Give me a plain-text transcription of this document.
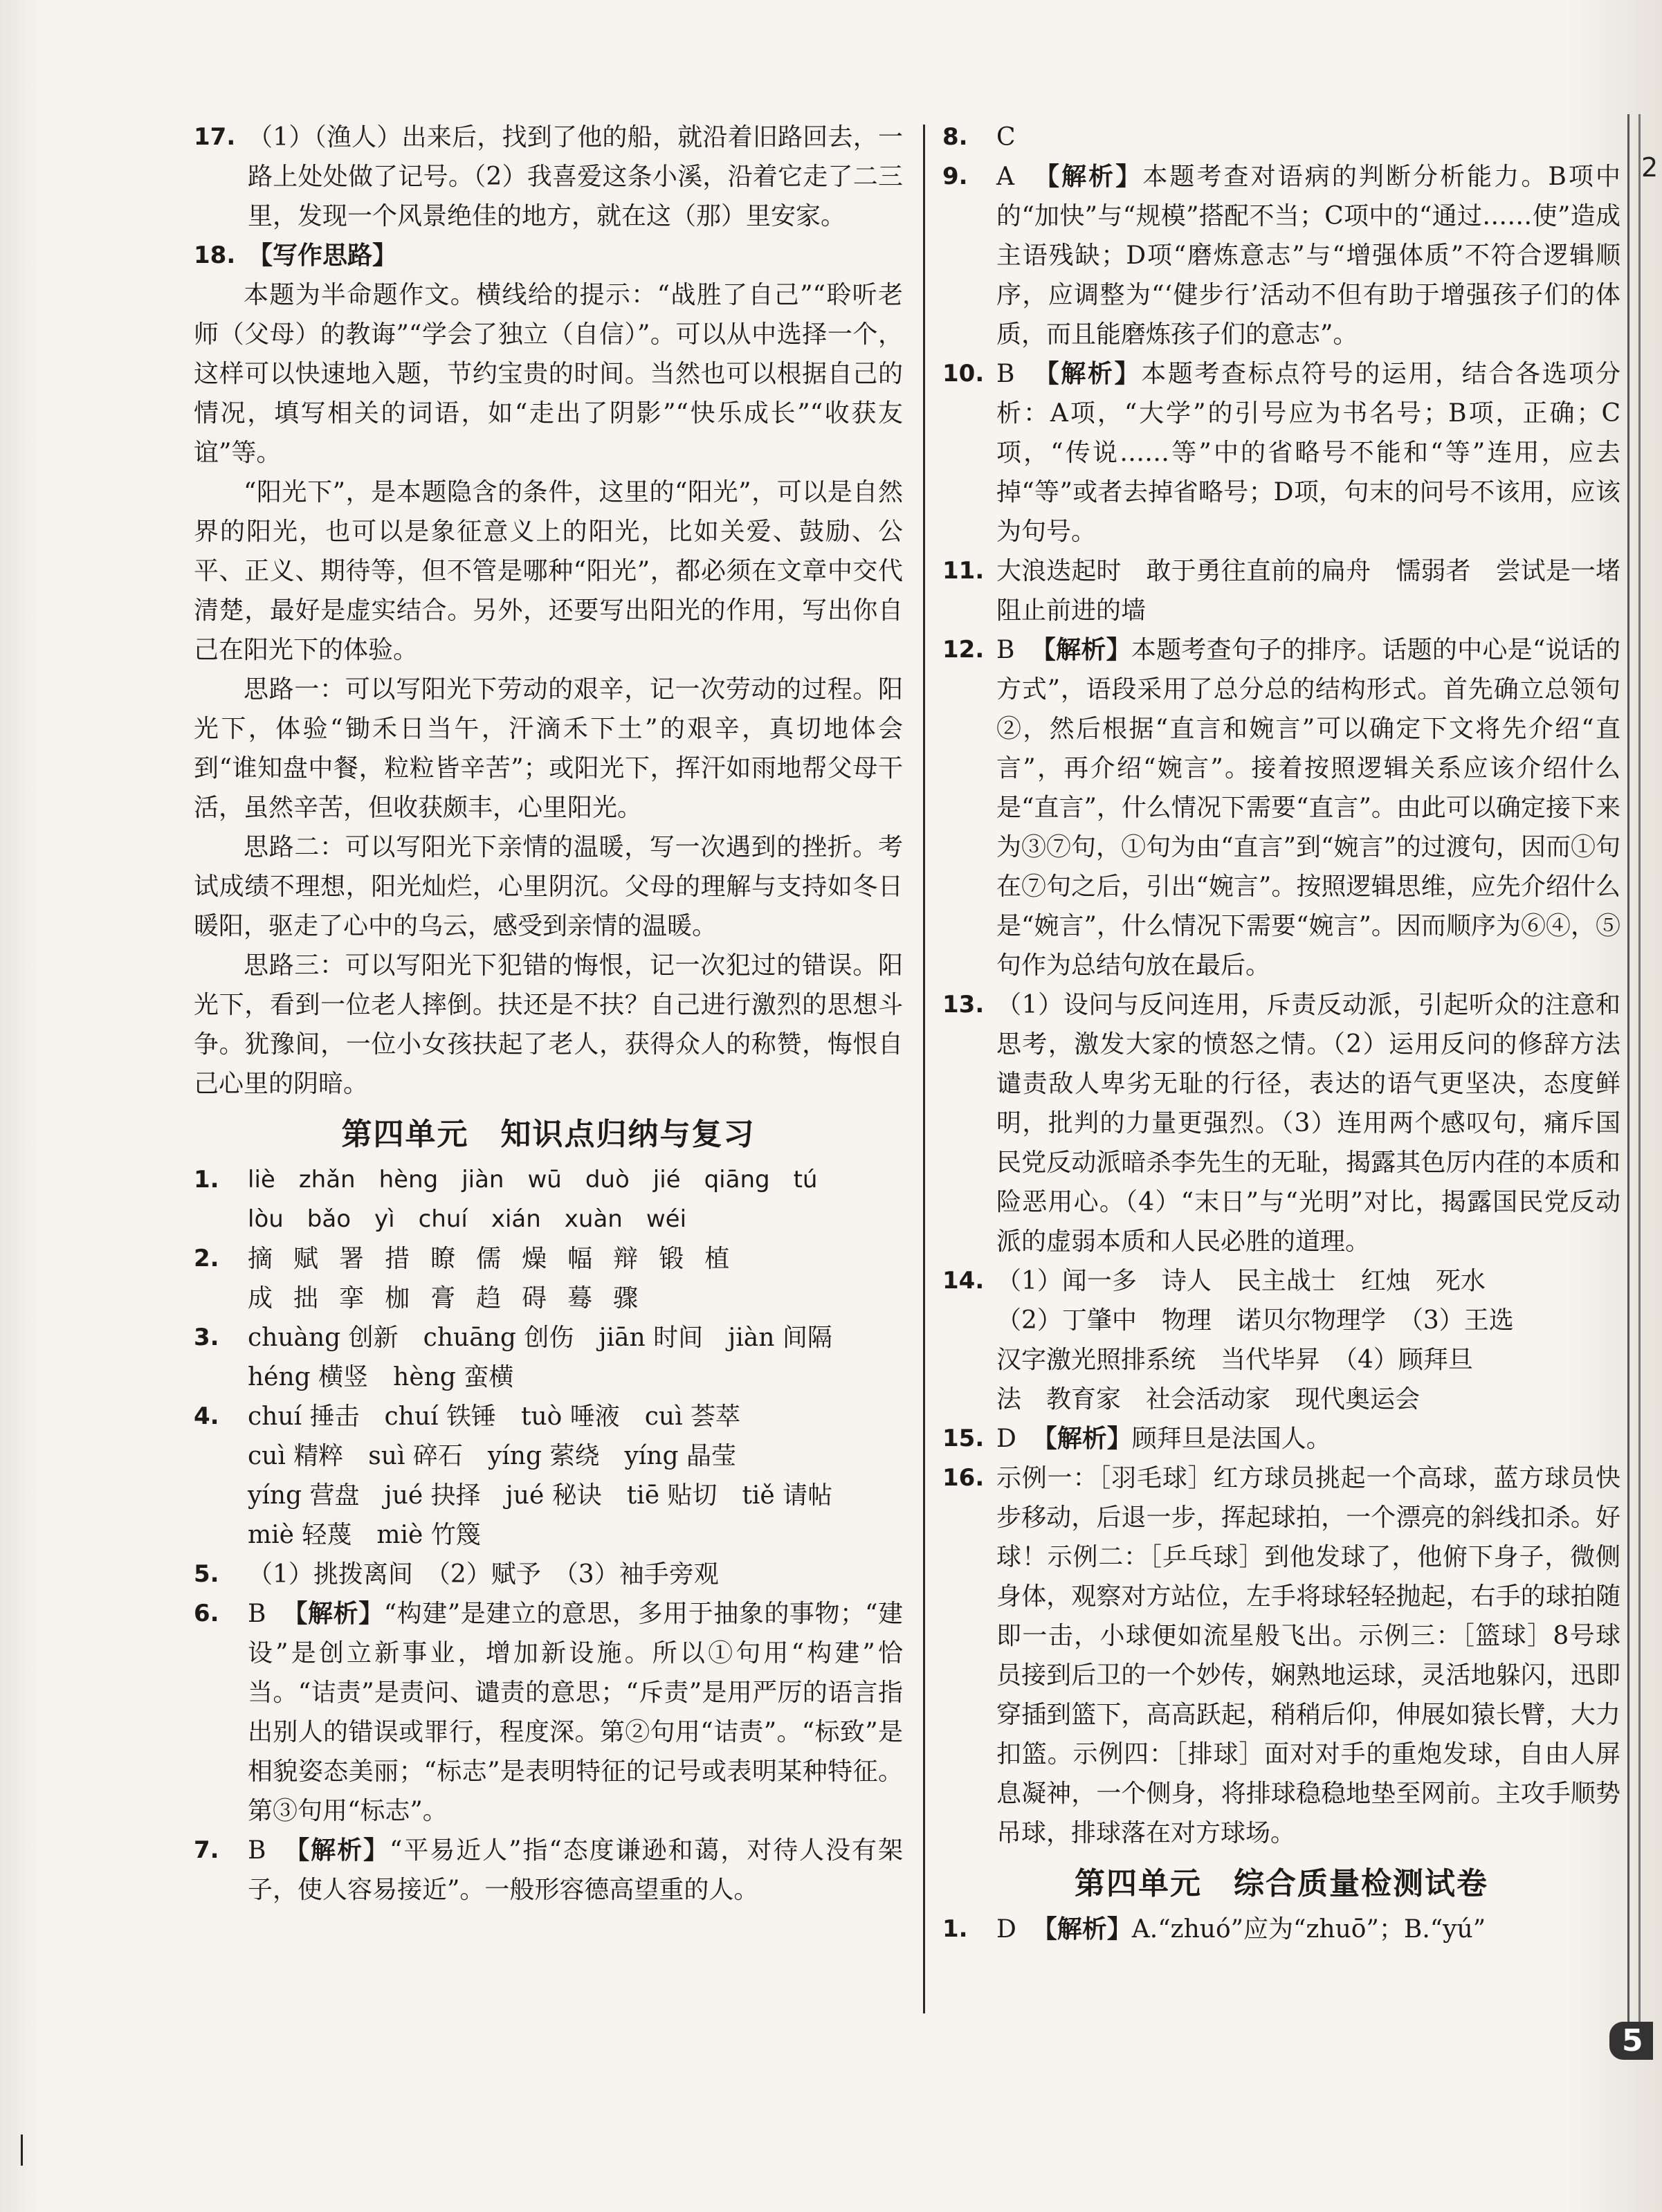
2
17. （1）（渔人）出来后，找到了他的船，就沿着旧路回去，一路上处处做了记号。（2）我喜爱这条小溪，沿着它走了二三里，发现一个风景绝佳的地方，就在这（那）里安家。
18. 【写作思路】

本题为半命题作文。横线给的提示：“战胜了自己”“聆听老师（父母）的教诲”“学会了独立（自信）”。可以从中选择一个，这样可以快速地入题，节约宝贵的时间。当然也可以根据自己的情况，填写相关的词语，如“走出了阴影”“快乐成长”“收获友谊”等。

“阳光下”，是本题隐含的条件，这里的“阳光”，可以是自然界的阳光，也可以是象征意义上的阳光，比如关爱、鼓励、公平、正义、期待等，但不管是哪种“阳光”，都必须在文章中交代清楚，最好是虚实结合。另外，还要写出阳光的作用，写出你自己在阳光下的体验。

思路一：可以写阳光下劳动的艰辛，记一次劳动的过程。阳光下，体验“锄禾日当午，汗滴禾下土”的艰辛，真切地体会到“谁知盘中餐，粒粒皆辛苦”；或阳光下，挥汗如雨地帮父母干活，虽然辛苦，但收获颇丰，心里阳光。

思路二：可以写阳光下亲情的温暖，写一次遇到的挫折。考试成绩不理想，阳光灿烂，心里阴沉。父母的理解与支持如冬日暖阳，驱走了心中的乌云，感受到亲情的温暖。

思路三：可以写阳光下犯错的悔恨，记一次犯过的错误。阳光下，看到一位老人摔倒。扶还是不扶？自己进行激烈的思想斗争。犹豫间，一位小女孩扶起了老人，获得众人的称赞，悔恨自己心里的阴暗。

第四单元　知识点归纳与复习
1. liè zhǎn hèng jiàn wū duò jié qiāng tú
lòu bǎo yì chuí xián xuàn wéi
2. 摘 赋 署 措 瞭 儒 燥 幅 辩 锻 植
成 拙 挛 枷 膏 趋 碍 蓦 骤
3. chuàng 创新　chuāng 创伤　jiān 时间　jiàn 间隔
héng 横竖　hèng 蛮横
4. chuí 捶击　chuí 铁锤　tuò 唾液　cuì 荟萃
cuì 精粹　suì 碎石　yíng 萦绕　yíng 晶莹
yíng 营盘　jué 抉择　jué 秘诀　tiē 贴切　tiě 请帖
miè 轻蔑　miè 竹篾
5. （1）挑拨离间　（2）赋予　（3）袖手旁观
6. B 【解析】“构建”是建立的意思，多用于抽象的事物；“建设”是创立新事业，增加新设施。所以①句用“构建”恰当。“诘责”是责问、谴责的意思；“斥责”是用严厉的语言指出别人的错误或罪行，程度深。第②句用“诘责”。“标致”是相貌姿态美丽；“标志”是表明特征的记号或表明某种特征。第③句用“标志”。
7. B 【解析】“平易近人”指“态度谦逊和蔼，对待人没有架子，使人容易接近”。一般形容德高望重的人。
8. C
9. A 【解析】本题考查对语病的判断分析能力。B项中的“加快”与“规模”搭配不当；C项中的“通过……使”造成主语残缺；D项“磨炼意志”与“增强体质”不符合逻辑顺序，应调整为“‘健步行’活动不但有助于增强孩子们的体质，而且能磨炼孩子们的意志”。
10. B 【解析】本题考查标点符号的运用，结合各选项分析：A项，“大学”的引号应为书名号；B项，正确；C项，“传说……等”中的省略号不能和“等”连用，应去掉“等”或者去掉省略号；D项，句末的问号不该用，应该为句号。
11. 大浪迭起时　敢于勇往直前的扁舟　懦弱者　尝试是一堵阻止前进的墙
12. B 【解析】本题考查句子的排序。话题的中心是“说话的方式”，语段采用了总分总的结构形式。首先确立总领句②，然后根据“直言和婉言”可以确定下文将先介绍“直言”，再介绍“婉言”。接着按照逻辑关系应该介绍什么是“直言”，什么情况下需要“直言”。由此可以确定接下来为③⑦句，①句为由“直言”到“婉言”的过渡句，因而①句在⑦句之后，引出“婉言”。按照逻辑思维，应先介绍什么是“婉言”，什么情况下需要“婉言”。因而顺序为⑥④，⑤句作为总结句放在最后。
13. （1）设问与反问连用，斥责反动派，引起听众的注意和思考，激发大家的愤怒之情。（2）运用反问的修辞方法谴责敌人卑劣无耻的行径，表达的语气更坚决，态度鲜明，批判的力量更强烈。（3）连用两个感叹句，痛斥国民党反动派暗杀李先生的无耻，揭露其色厉内荏的本质和险恶用心。（4）“末日”与“光明”对比，揭露国民党反动派的虚弱本质和人民必胜的道理。
14. （1）闻一多　诗人　民主战士　红烛　死水
（2）丁肇中　物理　诺贝尔物理学　（3）王选
汉字激光照排系统　当代毕昇　（4）顾拜旦
法　教育家　社会活动家　现代奥运会
15. D 【解析】顾拜旦是法国人。
16. 示例一：［羽毛球］红方球员挑起一个高球，蓝方球员快步移动，后退一步，挥起球拍，一个漂亮的斜线扣杀。好球！示例二：［乒乓球］到他发球了，他俯下身子，微侧身体，观察对方站位，左手将球轻轻抛起，右手的球拍随即一击，小球便如流星般飞出。示例三：［篮球］8号球员接到后卫的一个妙传，娴熟地运球，灵活地躲闪，迅即穿插到篮下，高高跃起，稍稍后仰，伸展如猿长臂，大力扣篮。示例四：［排球］面对对手的重炮发球，自由人屏息凝神，一个侧身，将排球稳稳地垫至网前。主攻手顺势吊球，排球落在对方球场。
第四单元　综合质量检测试卷
1. D 【解析】A.“zhuó”应为“zhuō”；B.“yú”
5
